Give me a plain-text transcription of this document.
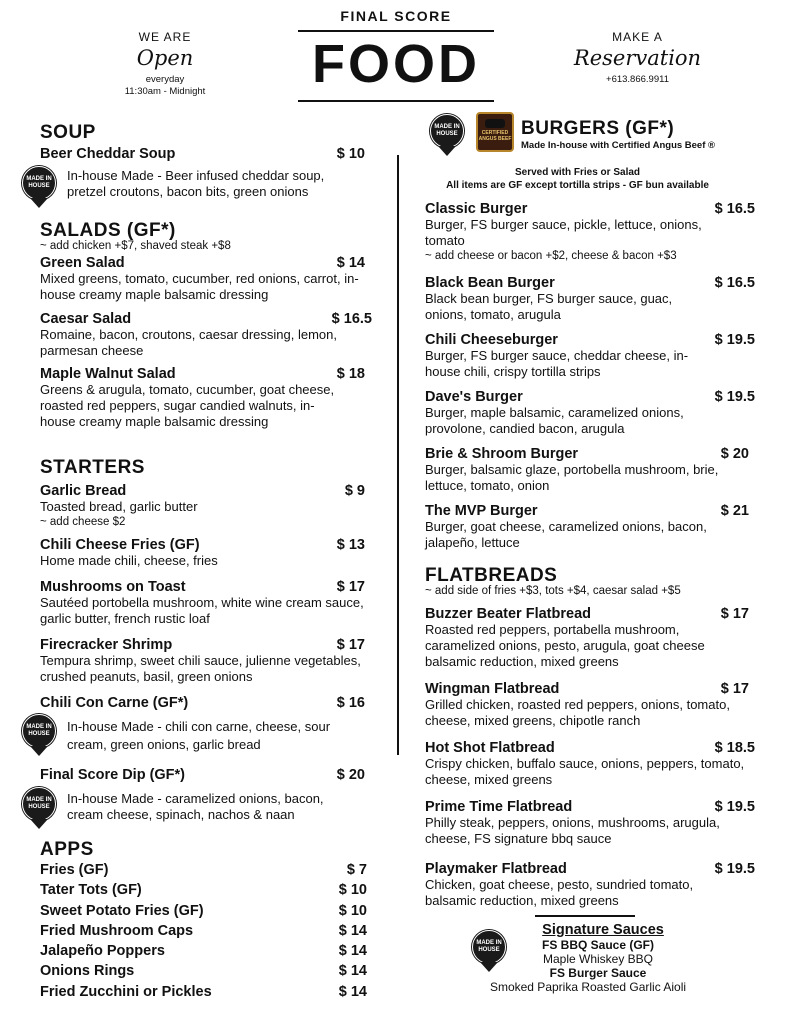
WE ARE
Open
everyday
11:30am - Midnight
FINAL SCORE
FOOD	MAKE A
Reservation
+613.866.9911
SOUP
Beer Cheddar Soup	$ 10
MADE IN HOUSE
In-house Made - Beer infused cheddar soup,
pretzel croutons, bacon bits, green onions
SALADS (GF*)
~ add chicken +$7, shaved steak +$8
Green Salad	$ 14
Mixed greens, tomato, cucumber, red onions, carrot, in-house creamy maple balsamic dressing
Caesar Salad	$ 16.5
Romaine, bacon, croutons, caesar dressing, lemon, parmesan cheese
Maple Walnut Salad	$ 18
Greens & arugula, tomato, cucumber, goat cheese, roasted red peppers, sugar candied walnuts, in-house creamy maple balsamic dressing
STARTERS
Garlic Bread	$ 9
Toasted bread, garlic butter
~ add cheese $2
Chili Cheese Fries (GF)	$ 13
Home made chili, cheese, fries
Mushrooms on Toast	$ 17
Sautéed portobella mushroom, white wine cream sauce, garlic butter, french rustic loaf
Firecracker Shrimp	$ 17
Tempura shrimp, sweet chili sauce, julienne vegetables, crushed peanuts, basil, green onions
Chili Con Carne (GF*)	$ 16
MADE IN HOUSE	In-house Made - chili con carne, cheese, sour
cream, green onions, garlic bread
Final Score Dip (GF*)	$ 20
MADE IN HOUSE
In-house Made - caramelized onions, bacon,
cream cheese, spinach, nachos & naan
APPS
Fries (GF)	$ 7
Tater Tots (GF)	$ 10
Sweet Potato Fries (GF)	$ 10
Fried Mushroom Caps	$ 14
Jalapeño Poppers	$ 14
Onions Rings	$ 14
Fried Zucchini or Pickles	$ 14
MADE IN HOUSE	CERTIFIED ANGUS BEEF BURGERS (GF*)
Made In-house with Certified Angus Beef ®
Served with Fries or Salad
All items are GF except tortilla strips - GF bun available
Classic Burger	$ 16.5
Burger, FS burger sauce, pickle, lettuce, onions, tomato
~ add cheese or bacon +$2, cheese & bacon +$3
Black Bean Burger	$ 16.5
Black bean burger, FS burger sauce, guac, onions, tomato, arugula
Chili Cheeseburger	$ 19.5
Burger, FS burger sauce, cheddar cheese, in-house chili, crispy tortilla strips
Dave's Burger	$ 19.5
Burger, maple balsamic, caramelized onions, provolone, candied bacon, arugula
Brie & Shroom Burger	$ 20
Burger, balsamic glaze, portobella mushroom, brie, lettuce, tomato, onion
The MVP Burger	$ 21
Burger, goat cheese, caramelized onions, bacon, jalapeño, lettuce
FLATBREADS
~ add side of fries +$3, tots +$4, caesar salad +$5
Buzzer Beater Flatbread	$ 17
Roasted red peppers, portabella mushroom, caramelized onions, pesto, arugula, goat cheese balsamic reduction, mixed greens
Wingman Flatbread	$ 17
Grilled chicken, roasted red peppers, onions, tomato, cheese, mixed greens, chipotle ranch
Hot Shot Flatbread	$ 18.5
Crispy chicken, buffalo sauce, onions, peppers, tomato, cheese, mixed greens
Prime Time Flatbread	$ 19.5
Philly steak, peppers, onions, mushrooms, arugula, cheese, FS signature bbq sauce
Playmaker Flatbread	$ 19.5
Chicken, goat cheese, pesto, sundried tomato, balsamic reduction, mixed greens
MADE IN HOUSE
Signature Sauces
FS BBQ Sauce (GF)
Maple Whiskey BBQ
FS Burger Sauce
Smoked Paprika Roasted Garlic Aioli
